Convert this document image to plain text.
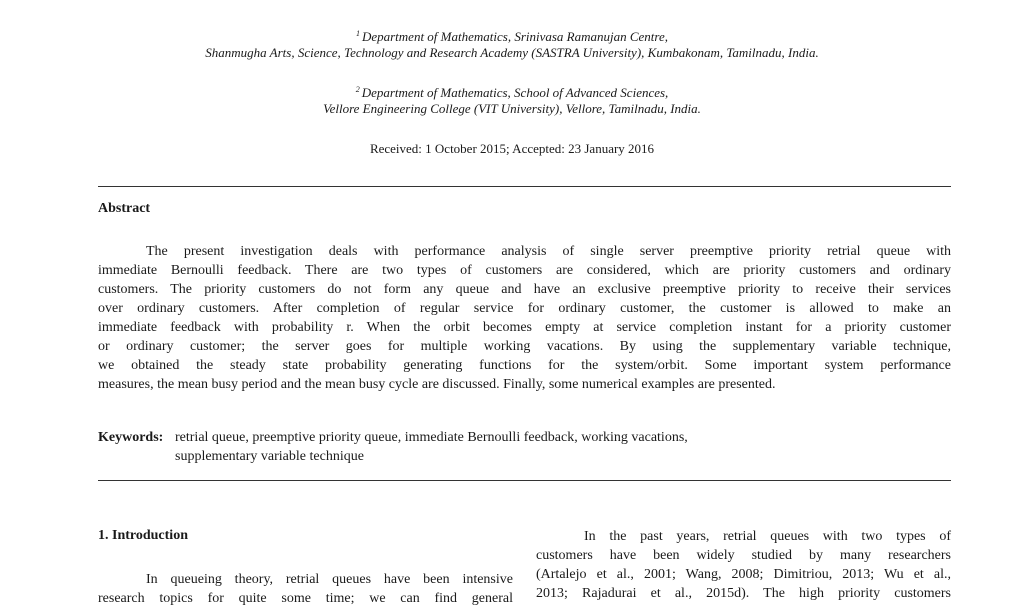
$^1$ Department of Mathematics, Srinivasa Ramanujan Centre,
Shanmugha Arts, Science, Technology and Research Academy (SASTRA University), Kumbakonam, Tamilnadu, India.
$^2$ Department of Mathematics, School of Advanced Sciences,
Vellore Engineering College (VIT University), Vellore, Tamilnadu, India.
Received: 1 October 2015; Accepted: 23 January 2016
Abstract
The present investigation deals with performance analysis of single server preemptive priority retrial queue with
immediate Bernoulli feedback. There are two types of customers are considered, which are priority customers and ordinary
customers. The priority customers do not form any queue and have an exclusive preemptive priority to receive their services
over ordinary customers. After completion of regular service for ordinary customer, the customer is allowed to make an
immediate feedback with probability r. When the orbit becomes empty at service completion instant for a priority customer
or ordinary customer; the server goes for multiple working vacations. By using the supplementary variable technique,
we obtained the steady state probability generating functions for the system/orbit. Some important system performance
measures, the mean busy period and the mean busy cycle are discussed. Finally, some numerical examples are presented.
Keywords: retrial queue, preemptive priority queue, immediate Bernoulli feedback, working vacations,
supplementary variable technique
1. Introduction
In queueing theory, retrial queues have been intensive
research topics for quite some time; we can find general
In the past years, retrial queues with two types of
customers have been widely studied by many researchers
(Artalejo et al., 2001; Wang, 2008; Dimitriou, 2013; Wu et al.,
2013; Rajadurai et al., 2015d). The high priority customers
